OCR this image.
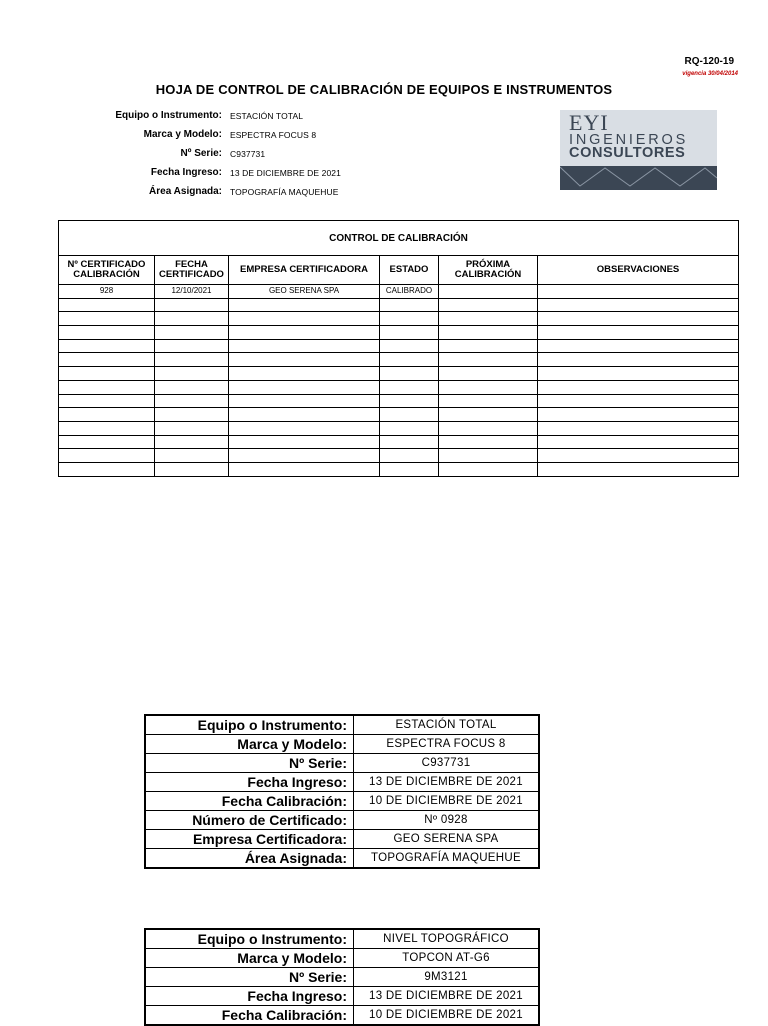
RQ-120-19
vigencia 30/04/2014
HOJA DE CONTROL DE CALIBRACIÓN DE EQUIPOS E INSTRUMENTOS
Equipo o Instrumento: ESTACIÓN TOTAL
Marca y Modelo: ESPECTRA FOCUS 8
Nº Serie: C937731
Fecha Ingreso: 13 DE DICIEMBRE DE 2021
Área Asignada: TOPOGRAFÍA MAQUEHUE
EYI
INGENIEROS
CONSULTORES
CONTROL DE CALIBRACIÓN					
Nº CERTIFICADO CALIBRACIÓN	FECHA CERTIFICADO	EMPRESA CERTIFICADORA	ESTADO	PRÓXIMA CALIBRACIÓN	OBSERVACIONES
928	12/10/2021	GEO SERENA SPA	CALIBRADO		

Equipo o Instrumento:	ESTACIÓN TOTAL
Marca y Modelo:	ESPECTRA FOCUS 8
Nº Serie:	C937731
Fecha Ingreso:	13 DE DICIEMBRE DE 2021
Fecha Calibración:	10 DE DICIEMBRE DE 2021
Número de Certificado:	Nº 0928
Empresa Certificadora:	GEO SERENA SPA
Área Asignada:	TOPOGRAFÍA MAQUEHUE
Equipo o Instrumento:	NIVEL TOPOGRÁFICO
Marca y Modelo:	TOPCON AT-G6
Nº Serie:	9M3121
Fecha Ingreso:	13 DE DICIEMBRE DE 2021
Fecha Calibración:	10 DE DICIEMBRE DE 2021
